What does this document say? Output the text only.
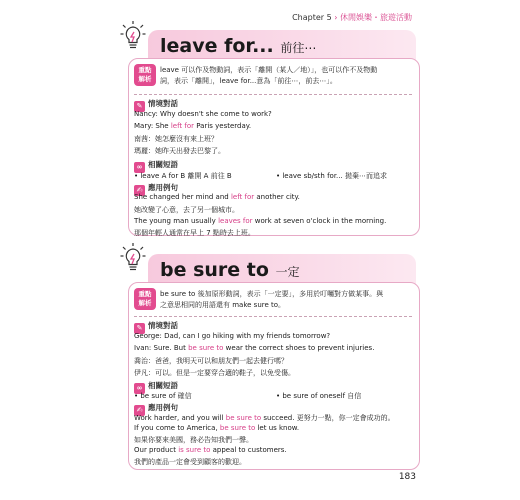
Chapter 5 › 休閒娛樂・旅遊活動
leave for... 前往⋯
重點
解析
leave 可以作及物動詞，表示「離開（某人／地）」，也可以作不及物動
詞，表示「離開」，leave for...意為「前往⋯，前去⋯」。
✎ 情境對話
Nancy: Why doesn't she come to work?
Mary: She left for Paris yesterday.
南茜：她怎麼沒有來上班？
瑪麗：她昨天出發去巴黎了。
∞ 相關短語
• leave A for B 離開 A 前往 B	• leave sb/sth for... 拋棄⋯而追求
✍ 應用例句
She changed her mind and left for another city.
她改變了心意，去了另一個城市。
The young man usually leaves for work at seven o'clock in the morning.
那個年輕人通常在早上 7 點時去上班。
be sure to 一定
重點
解析
be sure to 後加原形動詞，表示「一定要」，多用於叮囑對方做某事。與
之意思相同的用語還有 make sure to。
✎ 情境對話
George: Dad, can I go hiking with my friends tomorrow?
Ivan: Sure. But be sure to wear the correct shoes to prevent injuries.
喬治：爸爸，我明天可以和朋友們一起去健行嗎？
伊凡：可以。但是一定要穿合適的鞋子，以免受傷。
∞ 相關短語
• be sure of 確信	• be sure of oneself 自信
✍ 應用例句
Work harder, and you will be sure to succeed. 更努力一點，你一定會成功的。
If you come to America, be sure to let us know.
如果你要來美國，務必告知我們一聲。
Our product is sure to appeal to customers.
我們的產品一定會受到顧客的歡迎。
183
